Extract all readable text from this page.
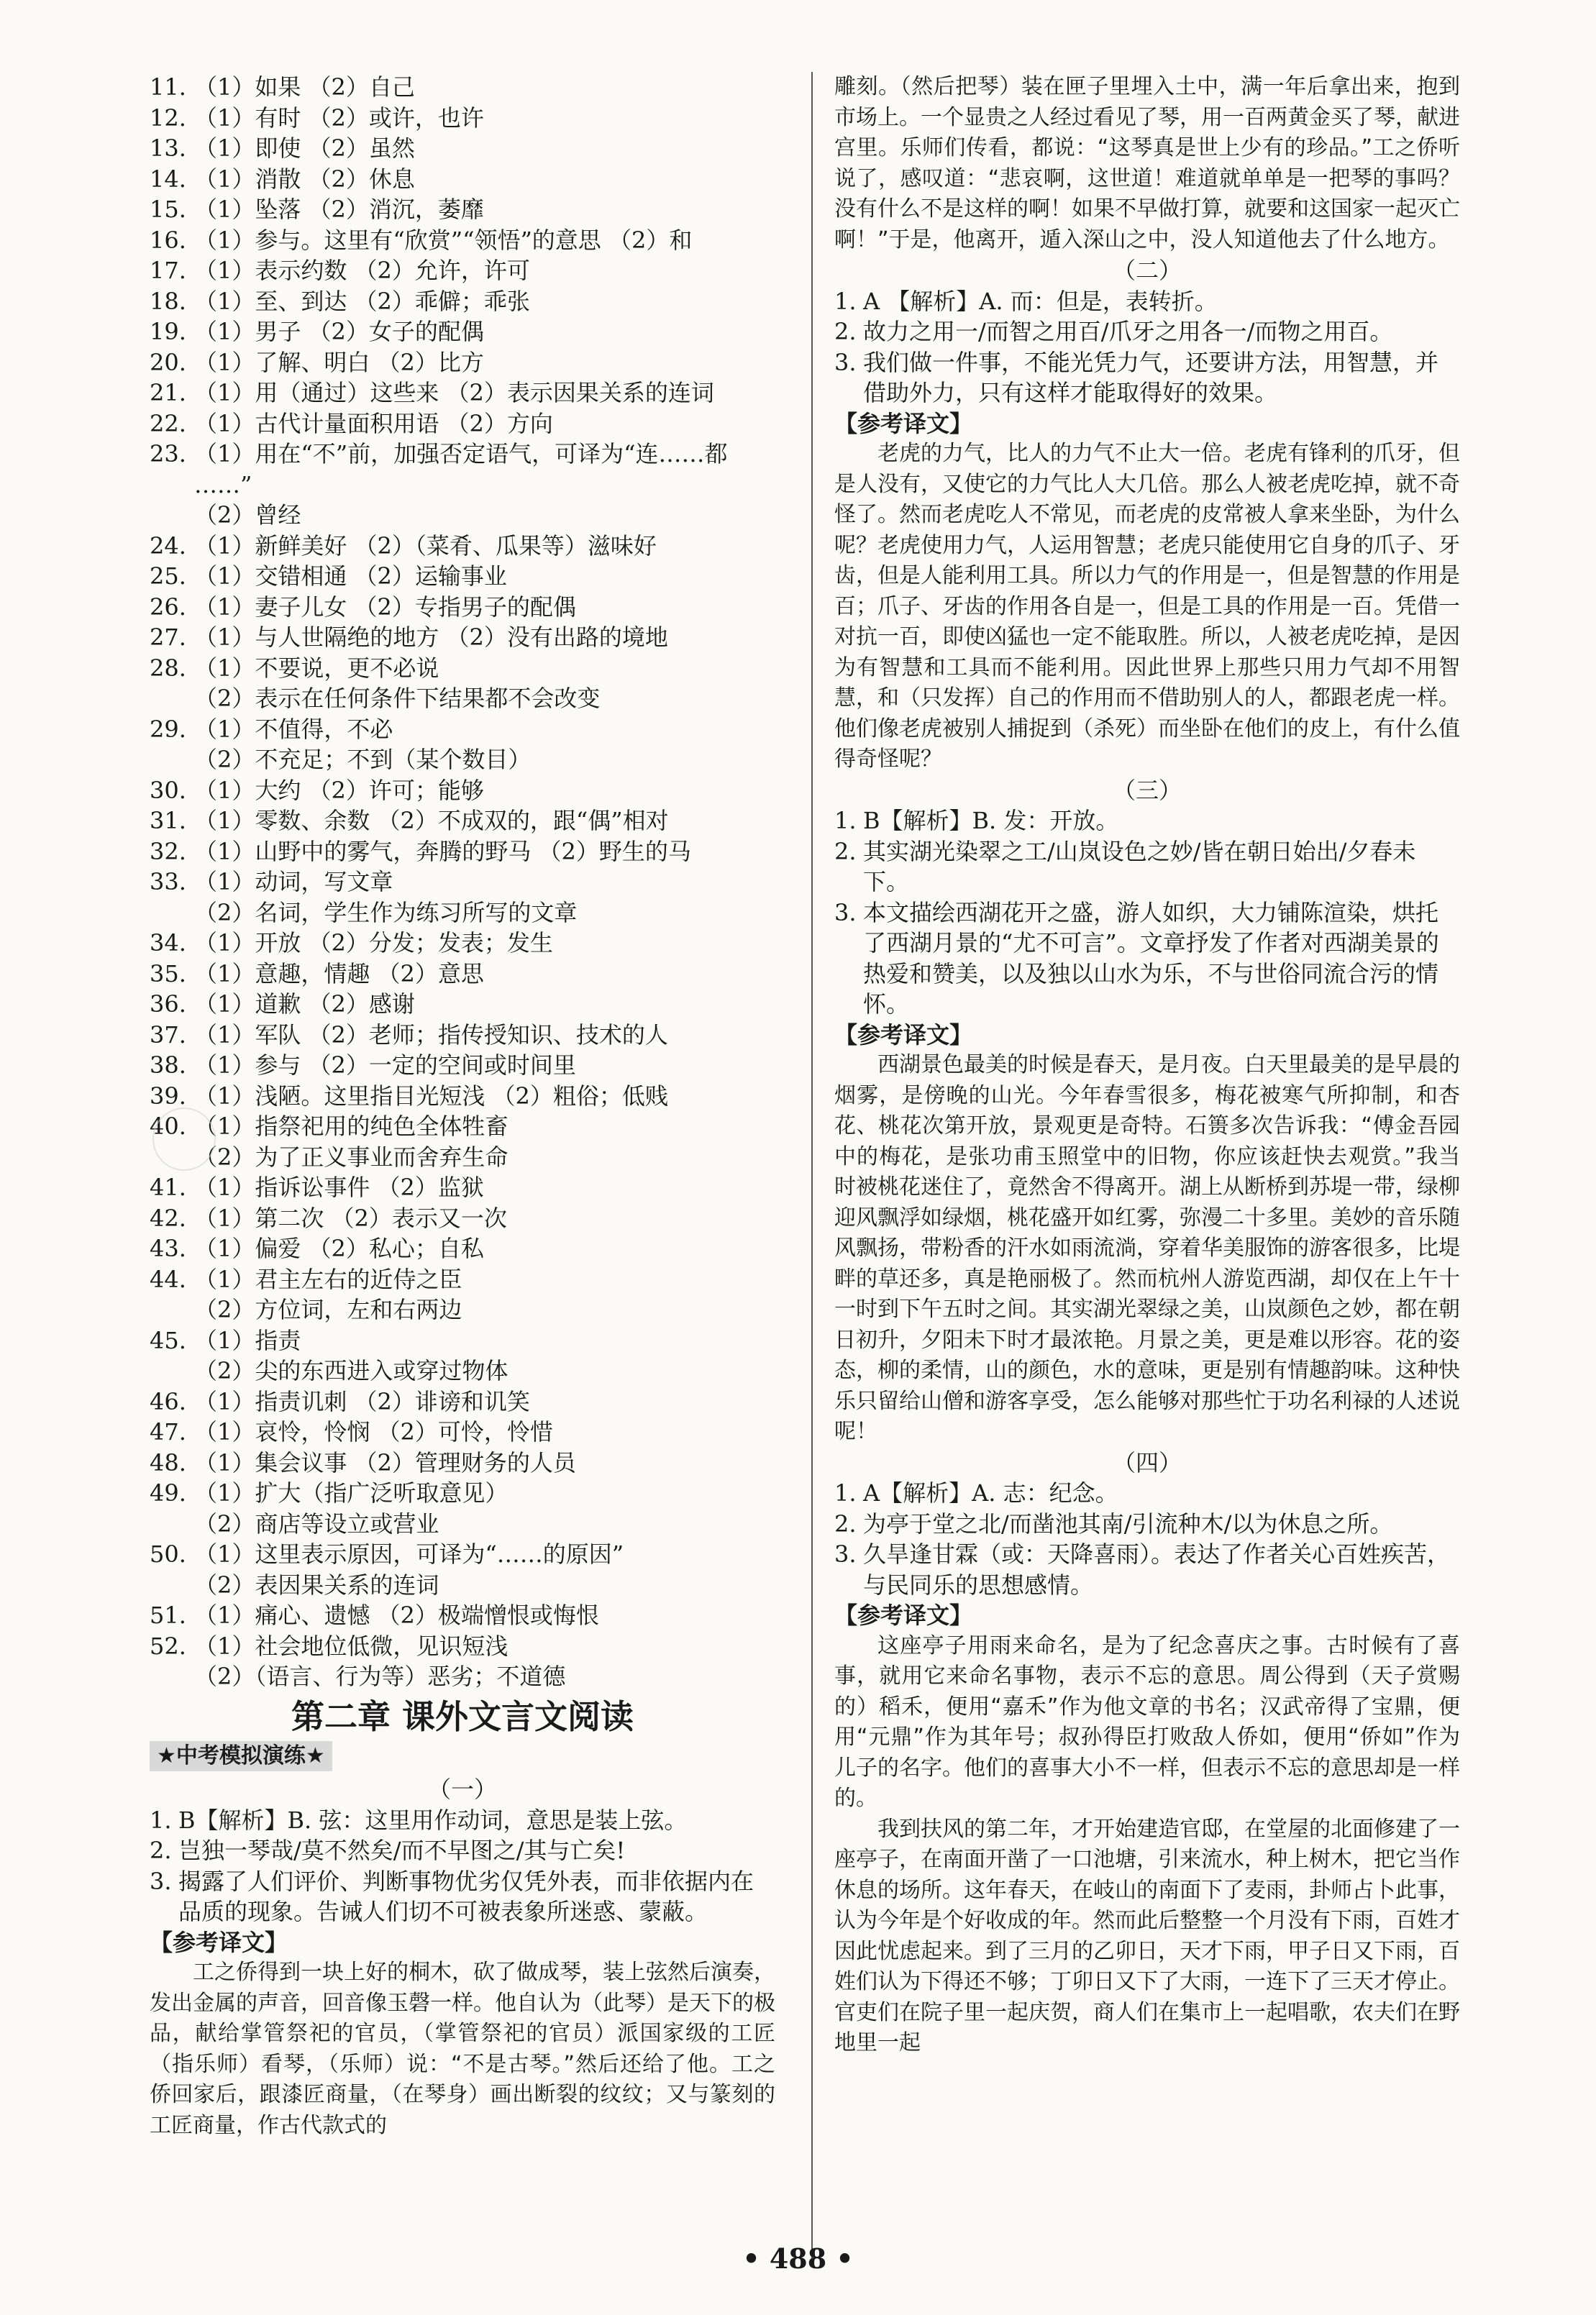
11. （1）如果 （2）自己
12. （1）有时 （2）或许，也许
13. （1）即使 （2）虽然
14. （1）消散 （2）休息
15. （1）坠落 （2）消沉，萎靡
16. （1）参与。这里有“欣赏”“领悟”的意思 （2）和
17. （1）表示约数 （2）允许，许可
18. （1）至、到达 （2）乖僻；乖张
19. （1）男子 （2）女子的配偶
20. （1）了解、明白 （2）比方
21. （1）用（通过）这些来 （2）表示因果关系的连词
22. （1）古代计量面积用语 （2）方向
23. （1）用在“不”前，加强否定语气，可译为“连……都
……”
（2）曾经
24. （1）新鲜美好 （2）（菜肴、瓜果等）滋味好
25. （1）交错相通 （2）运输事业
26. （1）妻子儿女 （2）专指男子的配偶
27. （1）与人世隔绝的地方 （2）没有出路的境地
28. （1）不要说，更不必说
（2）表示在任何条件下结果都不会改变
29. （1）不值得，不必
（2）不充足；不到（某个数目）
30. （1）大约 （2）许可；能够
31. （1）零数、余数 （2）不成双的，跟“偶”相对
32. （1）山野中的雾气，奔腾的野马 （2）野生的马
33. （1）动词，写文章
（2）名词，学生作为练习所写的文章
34. （1）开放 （2）分发；发表；发生
35. （1）意趣，情趣 （2）意思
36. （1）道歉 （2）感谢
37. （1）军队 （2）老师；指传授知识、技术的人
38. （1）参与 （2）一定的空间或时间里
39. （1）浅陋。这里指目光短浅 （2）粗俗；低贱
40. （1）指祭祀用的纯色全体牲畜
（2）为了正义事业而舍弃生命
41. （1）指诉讼事件 （2）监狱
42. （1）第二次 （2）表示又一次
43. （1）偏爱 （2）私心；自私
44. （1）君主左右的近侍之臣
（2）方位词，左和右两边
45. （1）指责
（2）尖的东西进入或穿过物体
46. （1）指责讥刺 （2）诽谤和讥笑
47. （1）哀怜，怜悯 （2）可怜，怜惜
48. （1）集会议事 （2）管理财务的人员
49. （1）扩大（指广泛听取意见）
（2）商店等设立或营业
50. （1）这里表示原因，可译为“……的原因”
（2）表因果关系的连词
51. （1）痛心、遗憾 （2）极端憎恨或悔恨
52. （1）社会地位低微，见识短浅
（2）（语言、行为等）恶劣；不道德
第二章 课外文言文阅读
★中考模拟演练★
（一）
1. B【解析】B. 弦：这里用作动词，意思是装上弦。
2. 岂独一琴哉/莫不然矣/而不早图之/其与亡矣!
3. 揭露了人们评价、判断事物优劣仅凭外表，而非依据内在品质的现象。告诫人们切不可被表象所迷惑、蒙蔽。
【参考译文】
工之侨得到一块上好的桐木，砍了做成琴，装上弦然后演奏，发出金属的声音，回音像玉磬一样。他自认为（此琴）是天下的极品，献给掌管祭祀的官员，（掌管祭祀的官员）派国家级的工匠（指乐师）看琴，（乐师）说：“不是古琴。”然后还给了他。工之侨回家后，跟漆匠商量，（在琴身）画出断裂的纹纹；又与篆刻的工匠商量，作古代款式的
雕刻。（然后把琴）装在匣子里埋入土中，满一年后拿出来，抱到市场上。一个显贵之人经过看见了琴，用一百两黄金买了琴，献进宫里。乐师们传看，都说：“这琴真是世上少有的珍品。”工之侨听说了，感叹道：“悲哀啊，这世道！难道就单单是一把琴的事吗？没有什么不是这样的啊！如果不早做打算，就要和这国家一起灭亡啊！”于是，他离开，遁入深山之中，没人知道他去了什么地方。
（二）
1. A 【解析】A. 而：但是，表转折。
2. 故力之用一/而智之用百/爪牙之用各一/而物之用百。
3. 我们做一件事，不能光凭力气，还要讲方法，用智慧，并借助外力，只有这样才能取得好的效果。
【参考译文】
老虎的力气，比人的力气不止大一倍。老虎有锋利的爪牙，但是人没有，又使它的力气比人大几倍。那么人被老虎吃掉，就不奇怪了。然而老虎吃人不常见，而老虎的皮常被人拿来坐卧，为什么呢？老虎使用力气，人运用智慧；老虎只能使用它自身的爪子、牙齿，但是人能利用工具。所以力气的作用是一，但是智慧的作用是百；爪子、牙齿的作用各自是一，但是工具的作用是一百。凭借一对抗一百，即使凶猛也一定不能取胜。所以，人被老虎吃掉，是因为有智慧和工具而不能利用。因此世界上那些只用力气却不用智慧，和（只发挥）自己的作用而不借助别人的人，都跟老虎一样。他们像老虎被别人捕捉到（杀死）而坐卧在他们的皮上，有什么值得奇怪呢？
（三）
1. B【解析】B. 发：开放。
2. 其实湖光染翠之工/山岚设色之妙/皆在朝日始出/夕春未下。
3. 本文描绘西湖花开之盛，游人如织，大力铺陈渲染，烘托了西湖月景的“尤不可言”。文章抒发了作者对西湖美景的热爱和赞美，以及独以山水为乐，不与世俗同流合污的情怀。
【参考译文】
西湖景色最美的时候是春天，是月夜。白天里最美的是早晨的烟雾，是傍晚的山光。今年春雪很多，梅花被寒气所抑制，和杏花、桃花次第开放，景观更是奇特。石篑多次告诉我：“傅金吾园中的梅花，是张功甫玉照堂中的旧物，你应该赶快去观赏。”我当时被桃花迷住了，竟然舍不得离开。湖上从断桥到苏堤一带，绿柳迎风飘浮如绿烟，桃花盛开如红雾，弥漫二十多里。美妙的音乐随风飘扬，带粉香的汗水如雨流淌，穿着华美服饰的游客很多，比堤畔的草还多，真是艳丽极了。然而杭州人游览西湖，却仅在上午十一时到下午五时之间。其实湖光翠绿之美，山岚颜色之妙，都在朝日初升，夕阳未下时才最浓艳。月景之美，更是难以形容。花的姿态，柳的柔情，山的颜色，水的意味，更是别有情趣韵味。这种快乐只留给山僧和游客享受，怎么能够对那些忙于功名利禄的人述说呢！
（四）
1. A【解析】A. 志：纪念。
2. 为亭于堂之北/而凿池其南/引流种木/以为休息之所。
3. 久旱逢甘霖（或：天降喜雨）。表达了作者关心百姓疾苦，与民同乐的思想感情。
【参考译文】
这座亭子用雨来命名，是为了纪念喜庆之事。古时候有了喜事，就用它来命名事物，表示不忘的意思。周公得到（天子赏赐的）稻禾，便用“嘉禾”作为他文章的书名；汉武帝得了宝鼎，便用“元鼎”作为其年号；叔孙得臣打败敌人侨如，便用“侨如”作为儿子的名字。他们的喜事大小不一样，但表示不忘的意思却是一样的。
我到扶风的第二年，才开始建造官邸，在堂屋的北面修建了一座亭子，在南面开凿了一口池塘，引来流水，种上树木，把它当作休息的场所。这年春天，在岐山的南面下了麦雨，卦师占卜此事，认为今年是个好收成的年。然而此后整整一个月没有下雨，百姓才因此忧虑起来。到了三月的乙卯日，天才下雨，甲子日又下雨，百姓们认为下得还不够；丁卯日又下了大雨，一连下了三天才停止。官吏们在院子里一起庆贺，商人们在集市上一起唱歌，农夫们在野地里一起
• 488 •
